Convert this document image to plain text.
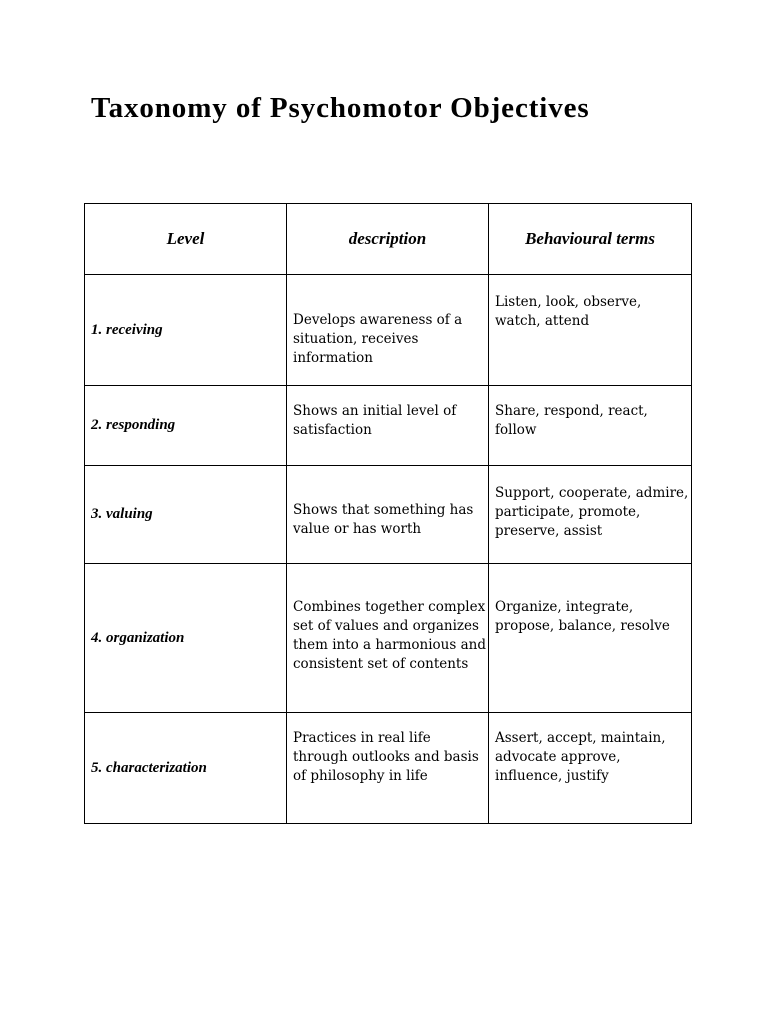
Taxonomy of Psychomotor Objectives
Level	description	Behavioural terms
1. receiving	Develops awareness of a situation, receives information	Listen, look, observe, watch, attend
2. responding	Shows an initial level of satisfaction	Share, respond, react, follow
3. valuing	Shows that something has value or has worth	Support, cooperate, admire, participate, promote, preserve, assist
4. organization	Combines together complex set of values and organizes them into a harmonious and consistent set of contents	Organize, integrate, propose, balance, resolve
5. characterization	Practices in real life through outlooks and basis of philosophy in life	Assert, accept, maintain, advocate approve, influence, justify
